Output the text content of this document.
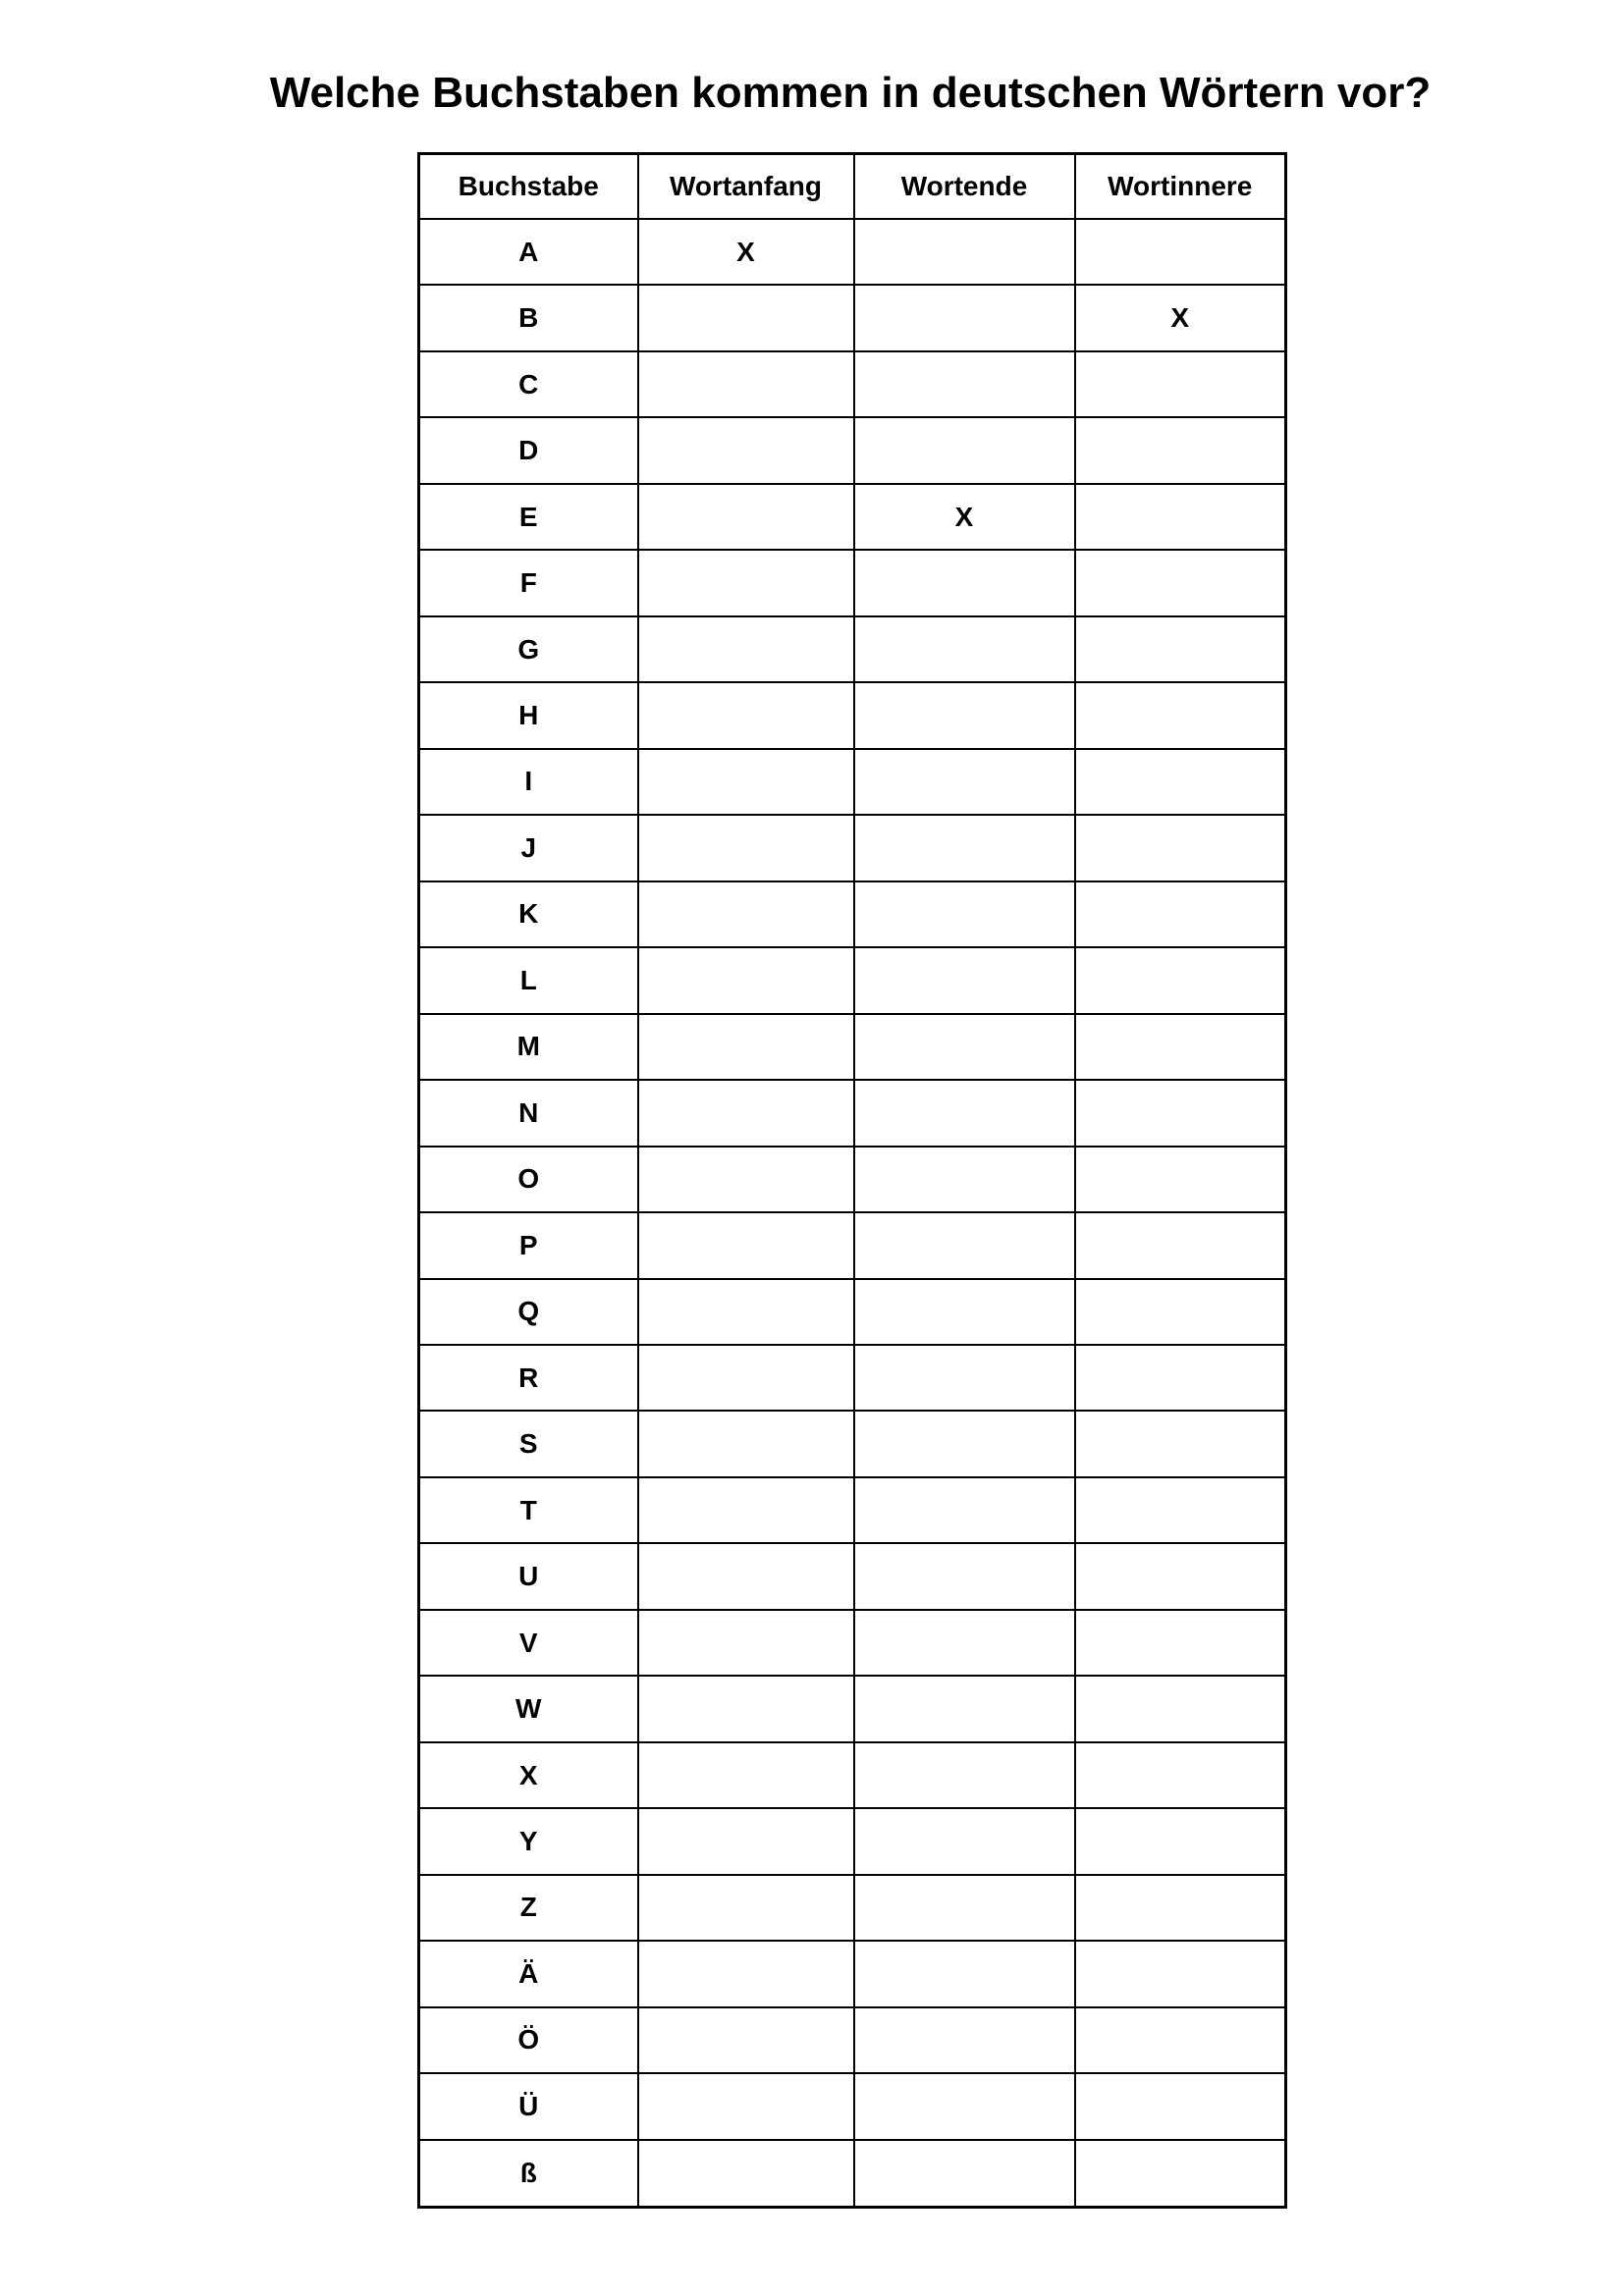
Welche Buchstaben kommen in deutschen Wörtern vor?
Buchstabe	Wortanfang	Wortende	Wortinnere
A	X		
B			X
C			
D			
E		X	
F			
G			
H			
I			
J			
K			
L			
M			
N			
O			
P			
Q			
R			
S			
T			
U			
V			
W			
X			
Y			
Z			
Ä			
Ö			
Ü			
ß			
